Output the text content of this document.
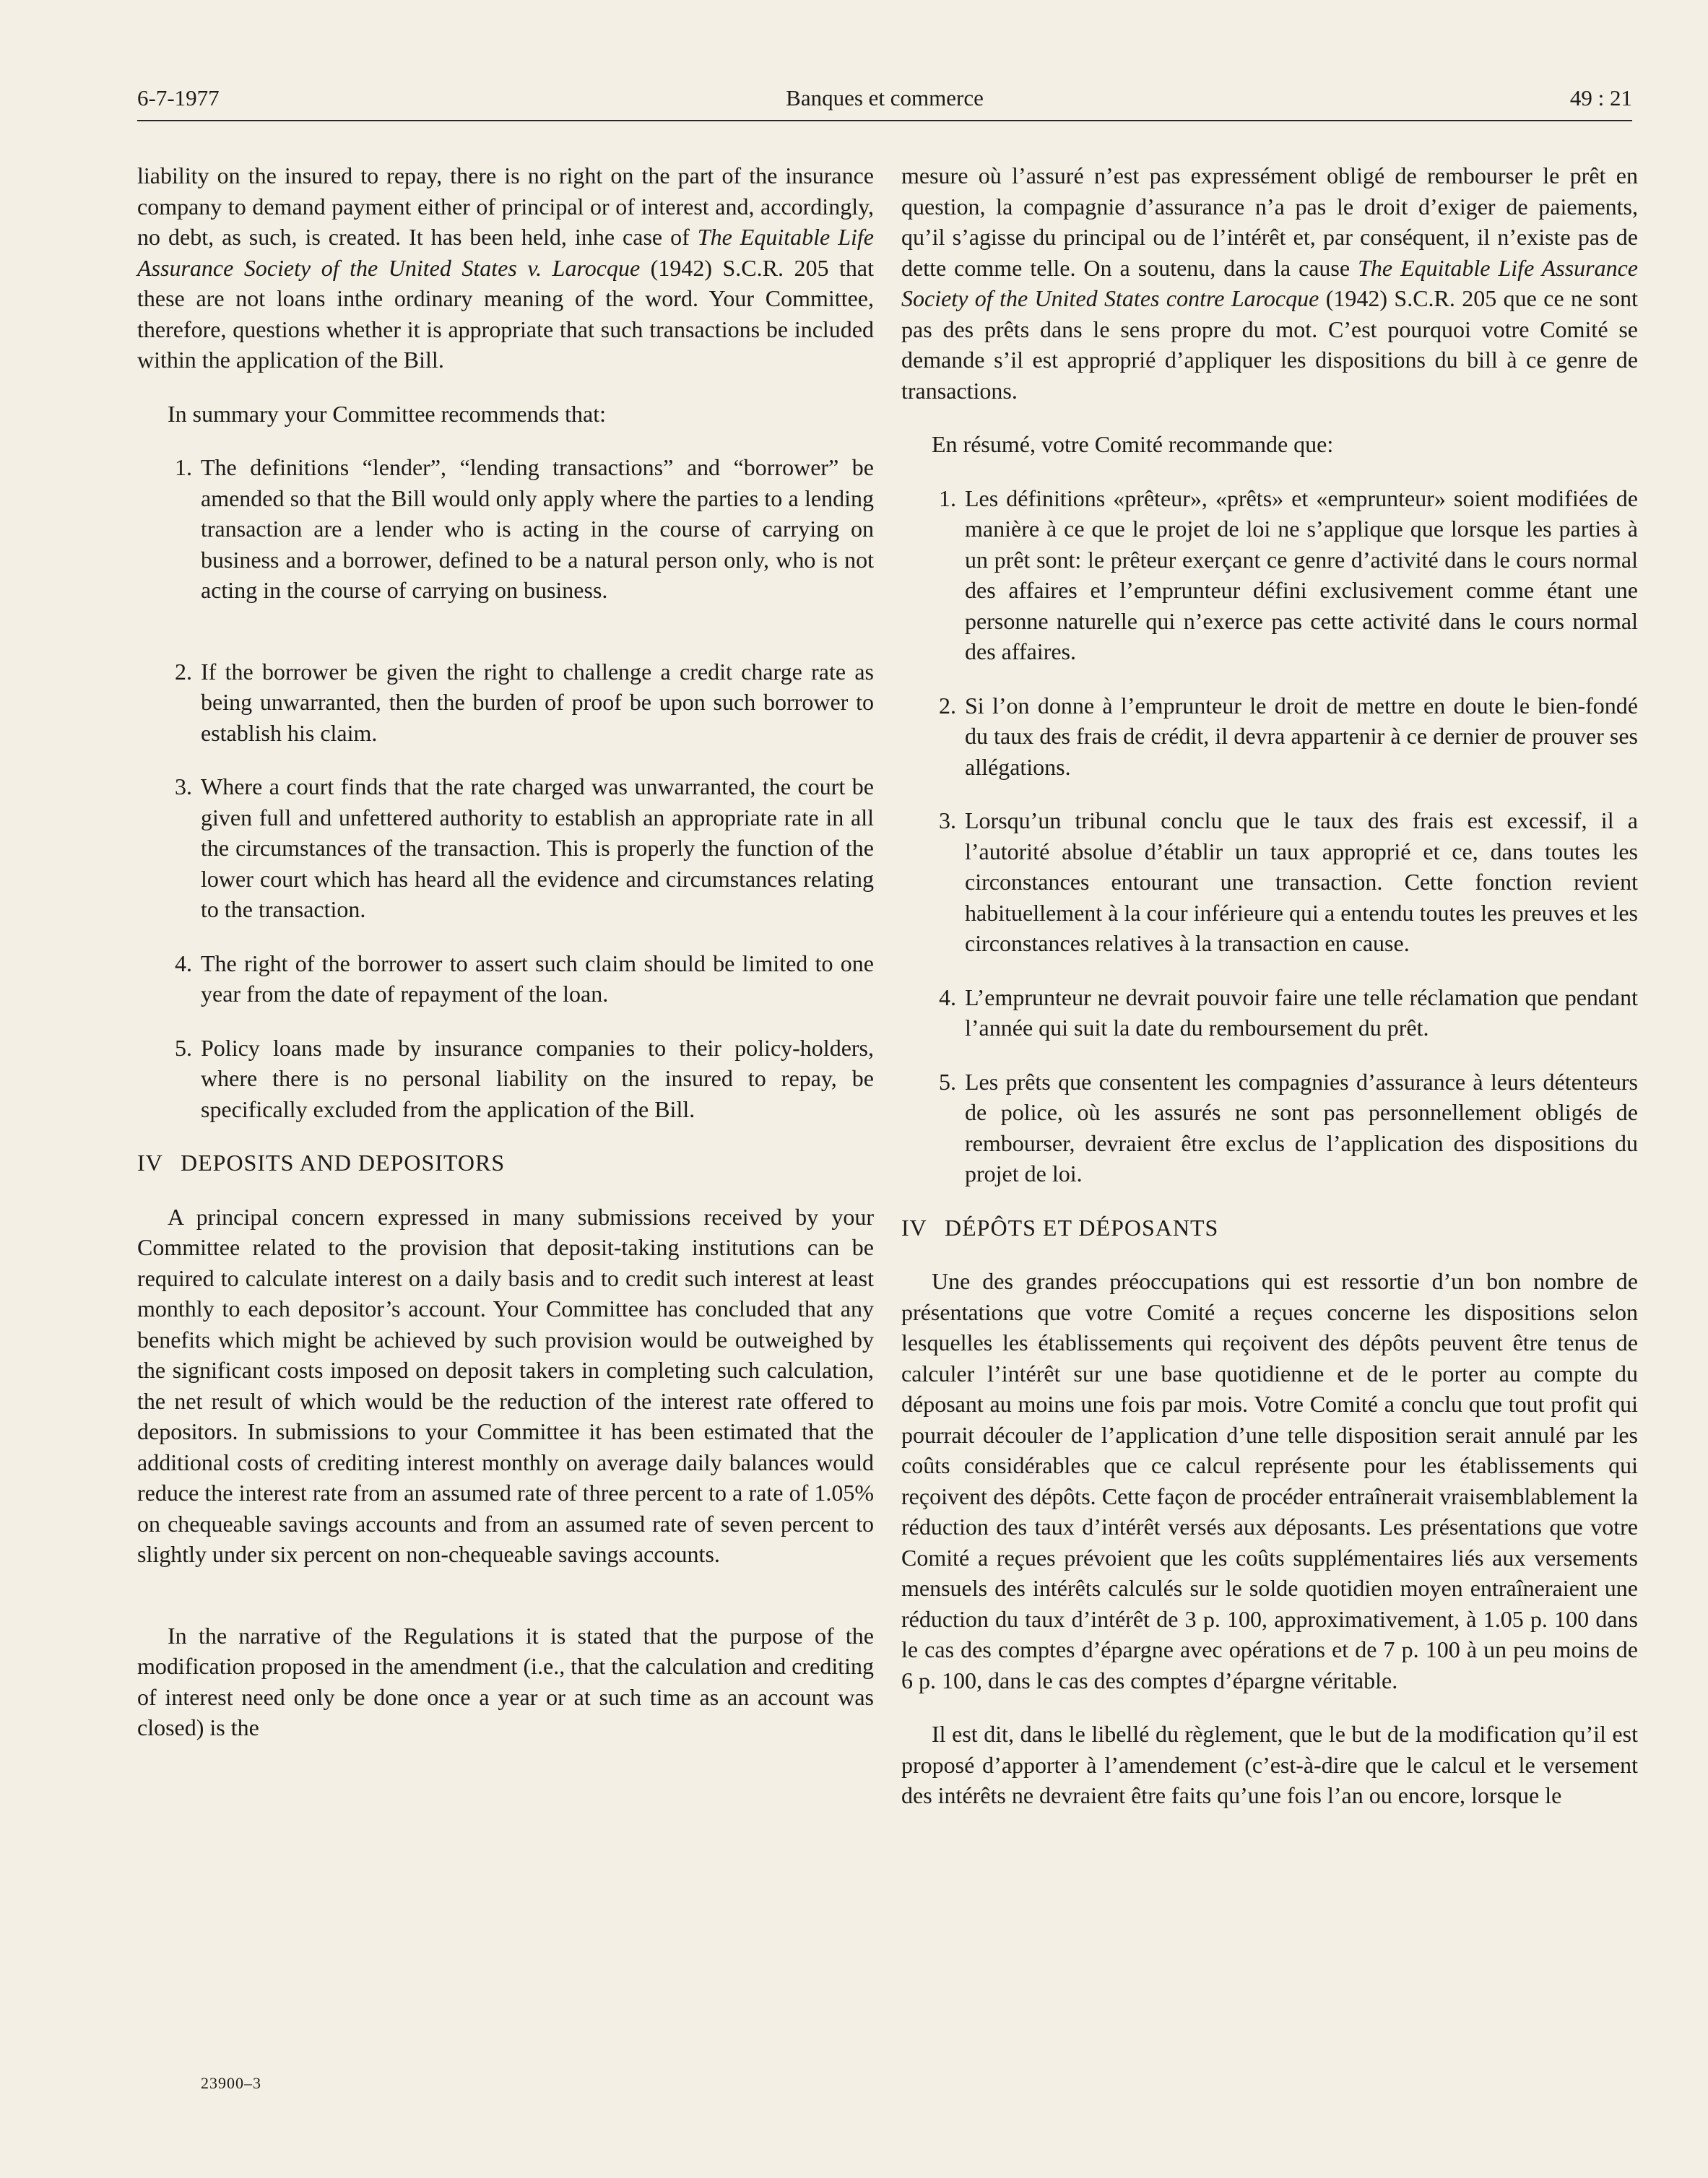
6-7-1977	Banques et commerce	49 : 21

liability on the insured to repay, there is no right on the part of the insurance company to demand payment either of principal or of interest and, accordingly, no debt, as such, is created. It has been held, inhe case of The Equitable Life Assurance Society of the United States v. Larocque (1942) S.C.R. 205 that these are not loans inthe ordinary meaning of the word. Your Committee, therefore, questions whether it is appropriate that such transactions be included within the application of the Bill.

In summary your Committee recommends that:

1. The definitions “lender”, “lending transactions” and “borrower” be amended so that the Bill would only apply where the parties to a lending transaction are a lender who is acting in the course of carrying on business and a borrower, defined to be a natural person only, who is not acting in the course of carrying on business.
2. If the borrower be given the right to challenge a credit charge rate as being unwarranted, then the burden of proof be upon such borrower to establish his claim.
3. Where a court finds that the rate charged was unwarranted, the court be given full and unfettered authority to establish an appropriate rate in all the circumstances of the transaction. This is properly the function of the lower court which has heard all the evidence and circumstances relating to the transaction.
4. The right of the borrower to assert such claim should be limited to one year from the date of repayment of the loan.
5. Policy loans made by insurance companies to their policy-holders, where there is no personal liability on the insured to repay, be specifically excluded from the application of the Bill.
IV DEPOSITS AND DEPOSITORS

A principal concern expressed in many submissions received by your Committee related to the provision that deposit-taking institutions can be required to calculate interest on a daily basis and to credit such interest at least monthly to each depositor’s account. Your Committee has concluded that any benefits which might be achieved by such provision would be outweighed by the significant costs imposed on deposit takers in completing such calculation, the net result of which would be the reduction of the interest rate offered to depositors. In submissions to your Committee it has been estimated that the additional costs of crediting interest monthly on average daily balances would reduce the interest rate from an assumed rate of three percent to a rate of 1.05% on chequeable savings accounts and from an assumed rate of seven percent to slightly under six percent on non-chequeable savings accounts.

In the narrative of the Regulations it is stated that the purpose of the modification proposed in the amendment (i.e., that the calculation and crediting of interest need only be done once a year or at such time as an account was closed) is the

mesure où l’assuré n’est pas expressément obligé de rembourser le prêt en question, la compagnie d’assurance n’a pas le droit d’exiger de paiements, qu’il s’agisse du principal ou de l’intérêt et, par conséquent, il n’existe pas de dette comme telle. On a soutenu, dans la cause The Equitable Life Assurance Society of the United States contre Larocque (1942) S.C.R. 205 que ce ne sont pas des prêts dans le sens propre du mot. C’est pourquoi votre Comité se demande s’il est approprié d’appliquer les dispositions du bill à ce genre de transactions.

En résumé, votre Comité recommande que:

1. Les définitions «prêteur», «prêts» et «emprunteur» soient modifiées de manière à ce que le projet de loi ne s’applique que lorsque les parties à un prêt sont: le prêteur exerçant ce genre d’activité dans le cours normal des affaires et l’emprunteur défini exclusivement comme étant une personne naturelle qui n’exerce pas cette activité dans le cours normal des affaires.
2. Si l’on donne à l’emprunteur le droit de mettre en doute le bien-fondé du taux des frais de crédit, il devra appartenir à ce dernier de prouver ses allégations.
3. Lorsqu’un tribunal conclu que le taux des frais est excessif, il a l’autorité absolue d’établir un taux approprié et ce, dans toutes les circonstances entourant une transaction. Cette fonction revient habituellement à la cour inférieure qui a entendu toutes les preuves et les circonstances relatives à la transaction en cause.
4. L’emprunteur ne devrait pouvoir faire une telle réclamation que pendant l’année qui suit la date du remboursement du prêt.
5. Les prêts que consentent les compagnies d’assurance à leurs détenteurs de police, où les assurés ne sont pas personnellement obligés de rembourser, devraient être exclus de l’application des dispositions du projet de loi.
IV DÉPÔTS ET DÉPOSANTS

Une des grandes préoccupations qui est ressortie d’un bon nombre de présentations que votre Comité a reçues concerne les dispositions selon lesquelles les établissements qui reçoivent des dépôts peuvent être tenus de calculer l’intérêt sur une base quotidienne et de le porter au compte du déposant au moins une fois par mois. Votre Comité a conclu que tout profit qui pourrait découler de l’application d’une telle disposition serait annulé par les coûts considérables que ce calcul représente pour les établissements qui reçoivent des dépôts. Cette façon de procéder entraînerait vraisemblablement la réduction des taux d’intérêt versés aux déposants. Les présentations que votre Comité a reçues prévoient que les coûts supplémentaires liés aux versements mensuels des intérêts calculés sur le solde quotidien moyen entraîneraient une réduction du taux d’intérêt de 3 p. 100, approximativement, à 1.05 p. 100 dans le cas des comptes d’épargne avec opérations et de 7 p. 100 à un peu moins de 6 p. 100, dans le cas des comptes d’épargne véritable.

Il est dit, dans le libellé du règlement, que le but de la modification qu’il est proposé d’apporter à l’amendement (c’est-à-dire que le calcul et le versement des intérêts ne devraient être faits qu’une fois l’an ou encore, lorsque le

23900–3
